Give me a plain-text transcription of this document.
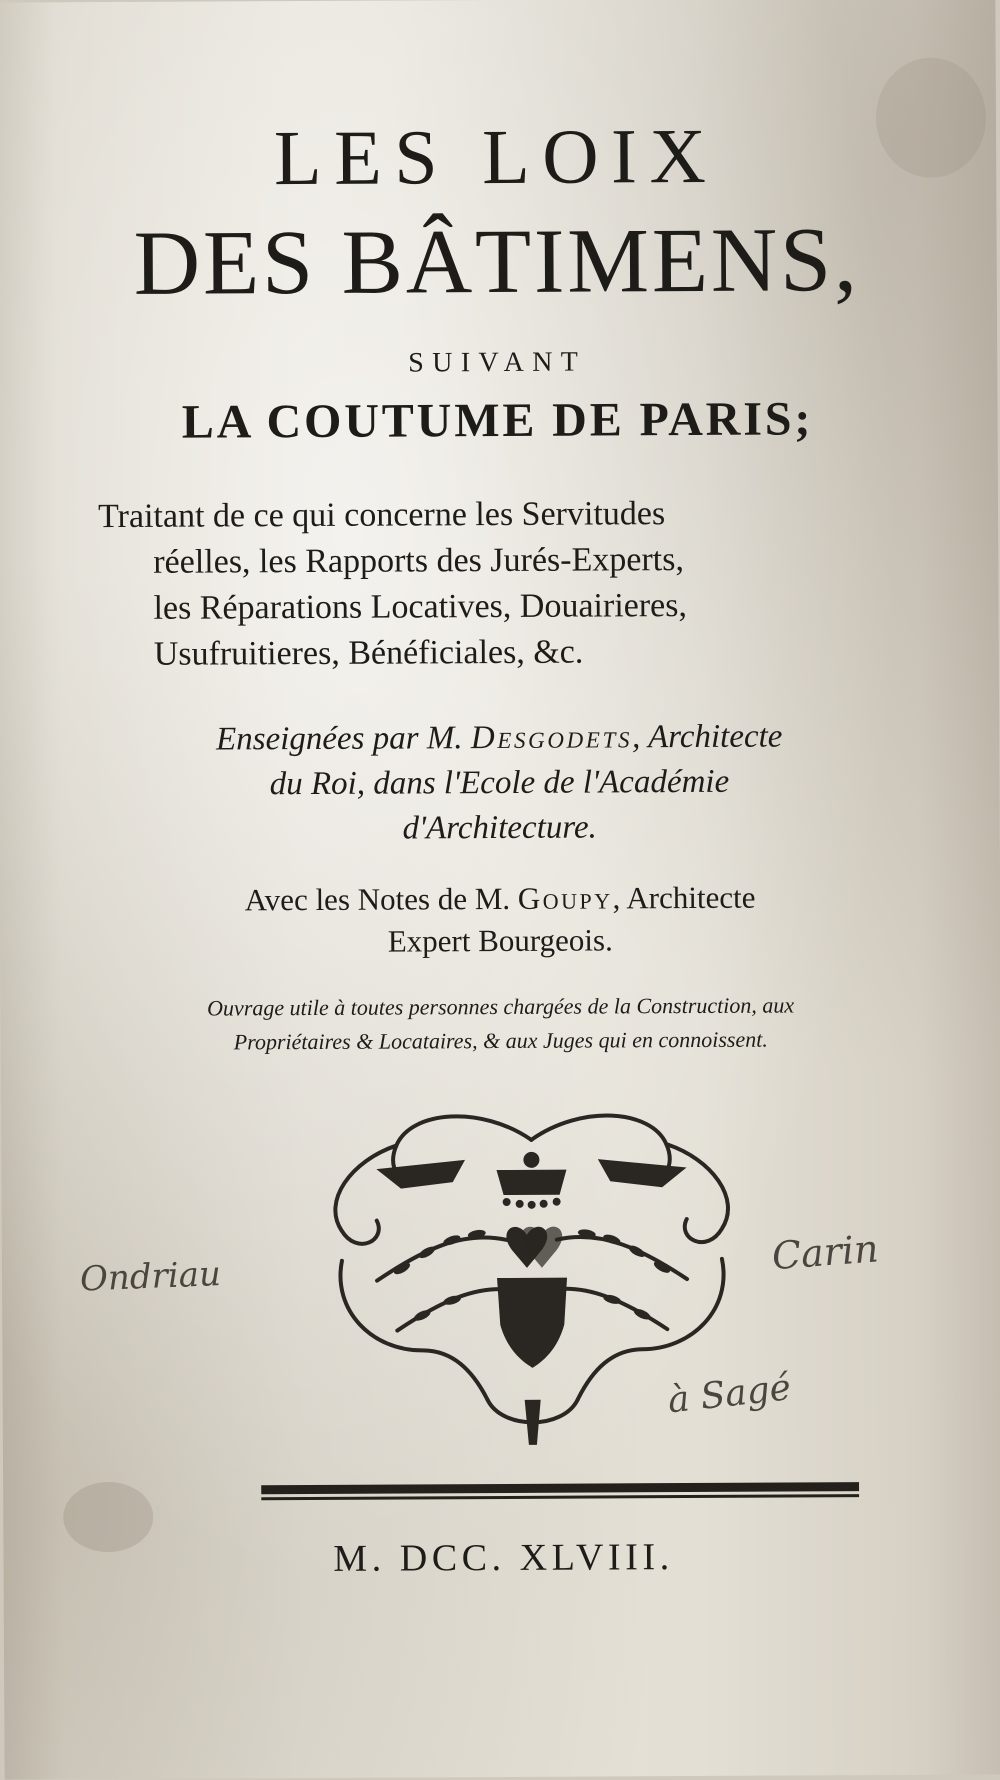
LES LOIX

DES BÂTIMENS,

SUIVANT

LA COUTUME DE PARIS;

Traitant de ce qui concerne les Servitudes
réelles, les Rapports des Jurés-Experts,
les Réparations Locatives, Douairieres,
Usufruitieres, Bénéficiales, &c.
Enseignées par M. Desgodets, Architecte
du Roi, dans l'Ecole de l'Académie
d'Architecture.
Avec les Notes de M. Goupy, Architecte
Expert Bourgeois.
Ouvrage utile à toutes personnes chargées de la Construction, aux
Propriétaires & Locataires, & aux Juges qui en connoissent.
Ondriau	Carin
à Sagé

M. DCC. XLVIII.
